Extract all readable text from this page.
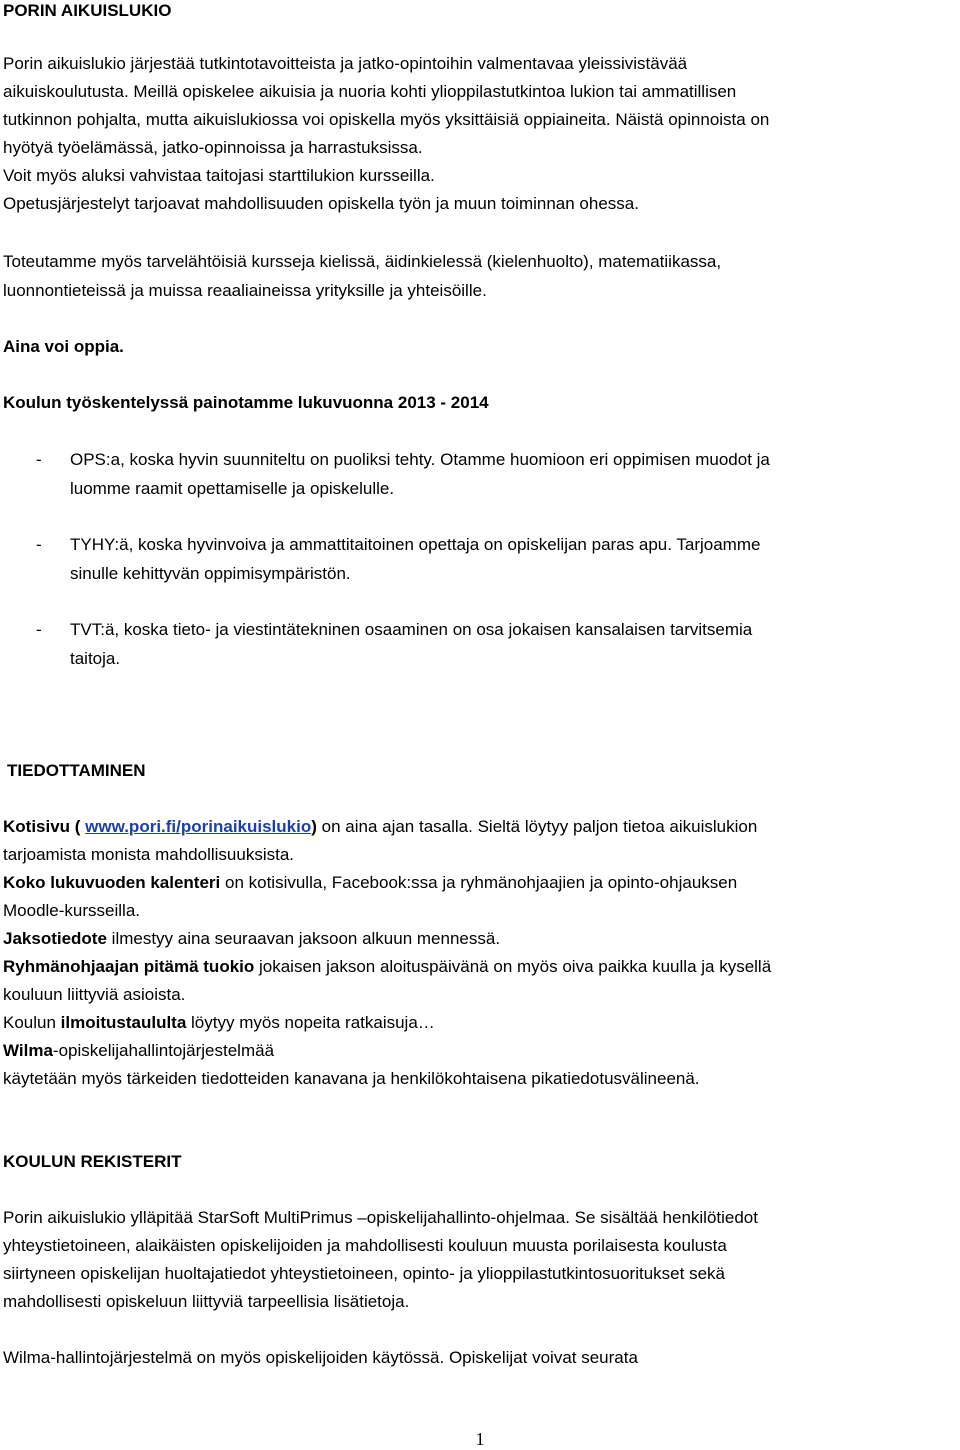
PORIN AIKUISLUKIO
Porin aikuislukio järjestää tutkintotavoitteista ja jatko-opintoihin valmentavaa yleissivistävää
aikuiskoulutusta. Meillä opiskelee aikuisia ja nuoria kohti ylioppilastutkintoa lukion tai ammatillisen
tutkinnon pohjalta, mutta aikuislukiossa voi opiskella myös yksittäisiä oppiaineita. Näistä opinnoista on
hyötyä työelämässä, jatko-opinnoissa ja harrastuksissa.
Voit myös aluksi vahvistaa taitojasi starttilukion kursseilla.
Opetusjärjestelyt tarjoavat mahdollisuuden opiskella työn ja muun toiminnan ohessa.
Toteutamme myös tarvelähtöisiä kursseja kielissä, äidinkielessä (kielenhuolto), matematiikassa,
luonnontieteissä ja muissa reaaliaineissa yrityksille ja yhteisöille.
Aina voi oppia.
Koulun työskentelyssä painotamme lukuvuonna 2013 - 2014
- OPS:a, koska hyvin suunniteltu on puoliksi tehty. Otamme huomioon eri oppimisen muodot ja
luomme raamit opettamiselle ja opiskelulle.
- TYHY:ä, koska hyvinvoiva ja ammattitaitoinen opettaja on opiskelijan paras apu. Tarjoamme
sinulle kehittyvän oppimisympäristön.
- TVT:ä, koska tieto- ja viestintätekninen osaaminen on osa jokaisen kansalaisen tarvitsemia
taitoja.
TIEDOTTAMINEN
Kotisivu ( www.pori.fi/porinaikuislukio) on aina ajan tasalla. Sieltä löytyy paljon tietoa aikuislukion
tarjoamista monista mahdollisuuksista.
Koko lukuvuoden kalenteri on kotisivulla, Facebook:ssa ja ryhmänohjaajien ja opinto-ohjauksen
Moodle-kursseilla.
Jaksotiedote ilmestyy aina seuraavan jaksoon alkuun mennessä.
Ryhmänohjaajan pitämä tuokio jokaisen jakson aloituspäivänä on myös oiva paikka kuulla ja kysellä
kouluun liittyviä asioista.
Koulun ilmoitustaululta löytyy myös nopeita ratkaisuja…
Wilma-opiskelijahallintojärjestelmää
käytetään myös tärkeiden tiedotteiden kanavana ja henkilökohtaisena pikatiedotusvälineenä.
KOULUN REKISTERIT
Porin aikuislukio ylläpitää StarSoft MultiPrimus –opiskelijahallinto-ohjelmaa. Se sisältää henkilötiedot
yhteystietoineen, alaikäisten opiskelijoiden ja mahdollisesti kouluun muusta porilaisesta koulusta
siirtyneen opiskelijan huoltajatiedot yhteystietoineen, opinto- ja ylioppilastutkintosuoritukset sekä
mahdollisesti opiskeluun liittyviä tarpeellisia lisätietoja.
Wilma-hallintojärjestelmä on myös opiskelijoiden käytössä. Opiskelijat voivat seurata
1
